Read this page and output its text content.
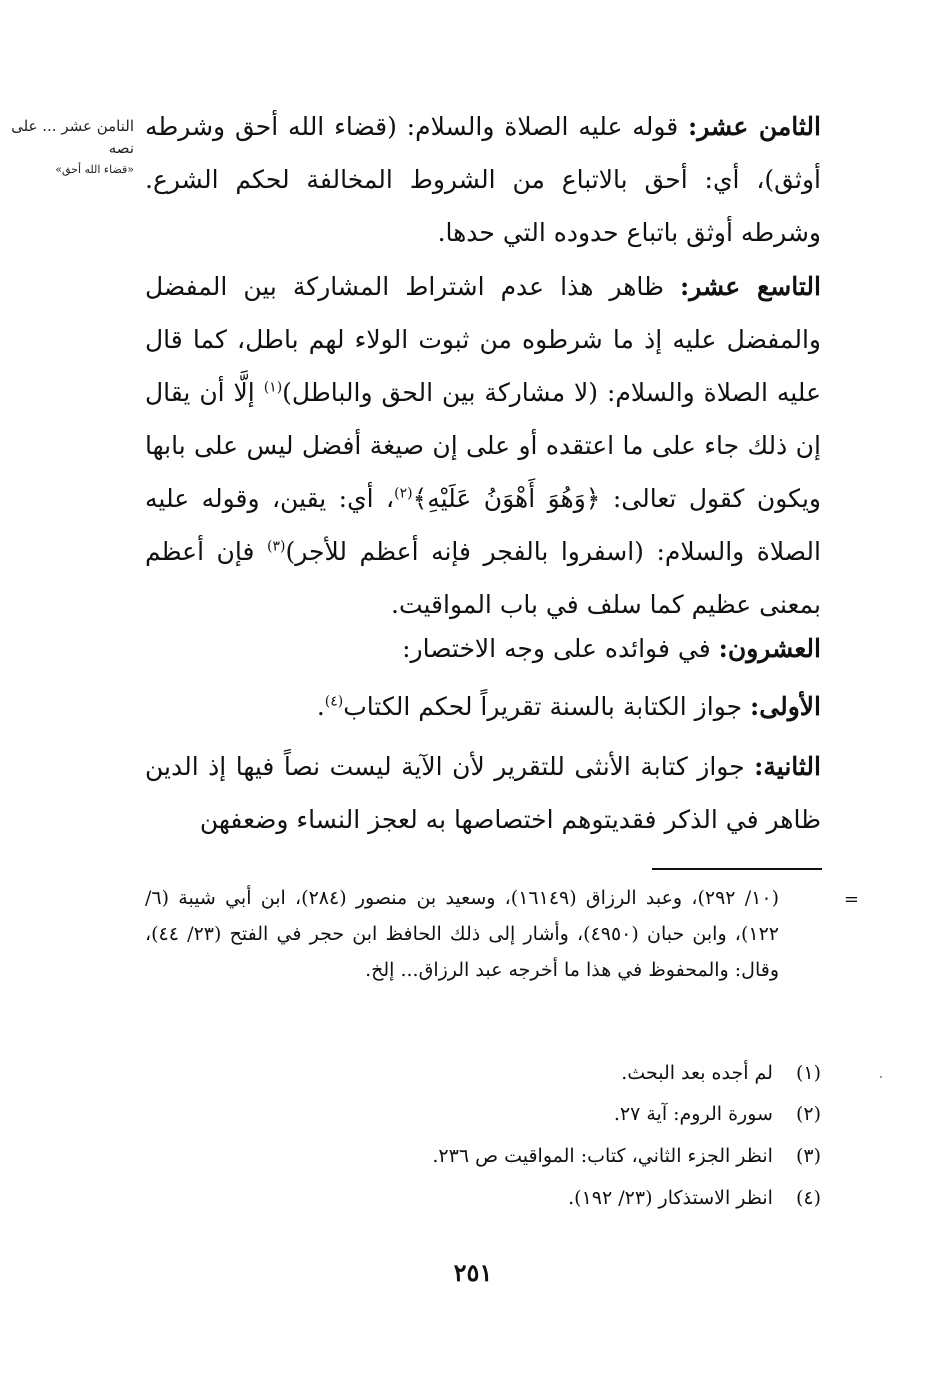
ﺍﻟﻨﺎﻣﻦ ﻋﺸﺮ ... ﻋﻠﻰ ﻧﺼﻪ
«قضاء الله أحق»

الثامن عشر: قوله عليه الصلاة والسلام: (قضاء الله أحق وشرطه أوثق)، أي: أحق بالاتباع من الشروط المخالفة لحكم الشرع. وشرطه أوثق باتباع حدوده التي حدها.

التاسع عشر: ظاهر هذا عدم اشتراط المشاركة بين المفضل والمفضل عليه إذ ما شرطوه من ثبوت الولاء لهم باطل، كما قال عليه الصلاة والسلام: (لا مشاركة بين الحق والباطل)$^{(١)}$ إلَّا أن يقال إن ذلك جاء على ما اعتقده أو على إن صيغة أفضل ليس على بابها ويكون كقول تعالى: ﴿وَهُوَ أَهْوَنُ عَلَيْهِ﴾$^{(٢)}$، أي: يقين، وقوله عليه الصلاة والسلام: (اسفروا بالفجر فإنه أعظم للأجر)$^{(٣)}$ فإن أعظم بمعنى عظيم كما سلف في باب المواقيت.

العشرون: في فوائده على وجه الاختصار:

الأولى: جواز الكتابة بالسنة تقريراً لحكم الكتاب$^{(٤)}$.

الثانية: جواز كتابة الأنثى للتقرير لأن الآية ليست نصاً فيها إذ الدين ظاهر في الذكر فقديتوهم اختصاصها به لعجز النساء وضعفهن

=
(١٠/ ٢٩٢)، وعبد الرزاق (١٦١٤٩)، وسعيد بن منصور (٢٨٤)، ابن أبي شيبة (٦/ ١٢٢)، وابن حبان (٤٩٥٠)، وأشار إلى ذلك الحافظ ابن حجر في الفتح (٢٣/ ٤٤)، وقال: والمحفوظ في هذا ما أخرجه عبد الرزاق... إلخ.
(١) لم أجده بعد البحث.
(٢) سورة الروم: آية ٢٧.
(٣) انظر الجزء الثاني، كتاب: المواقيت ص ٢٣٦.
(٤) انظر الاستذكار (٢٣/ ١٩٢).
٢٥١
